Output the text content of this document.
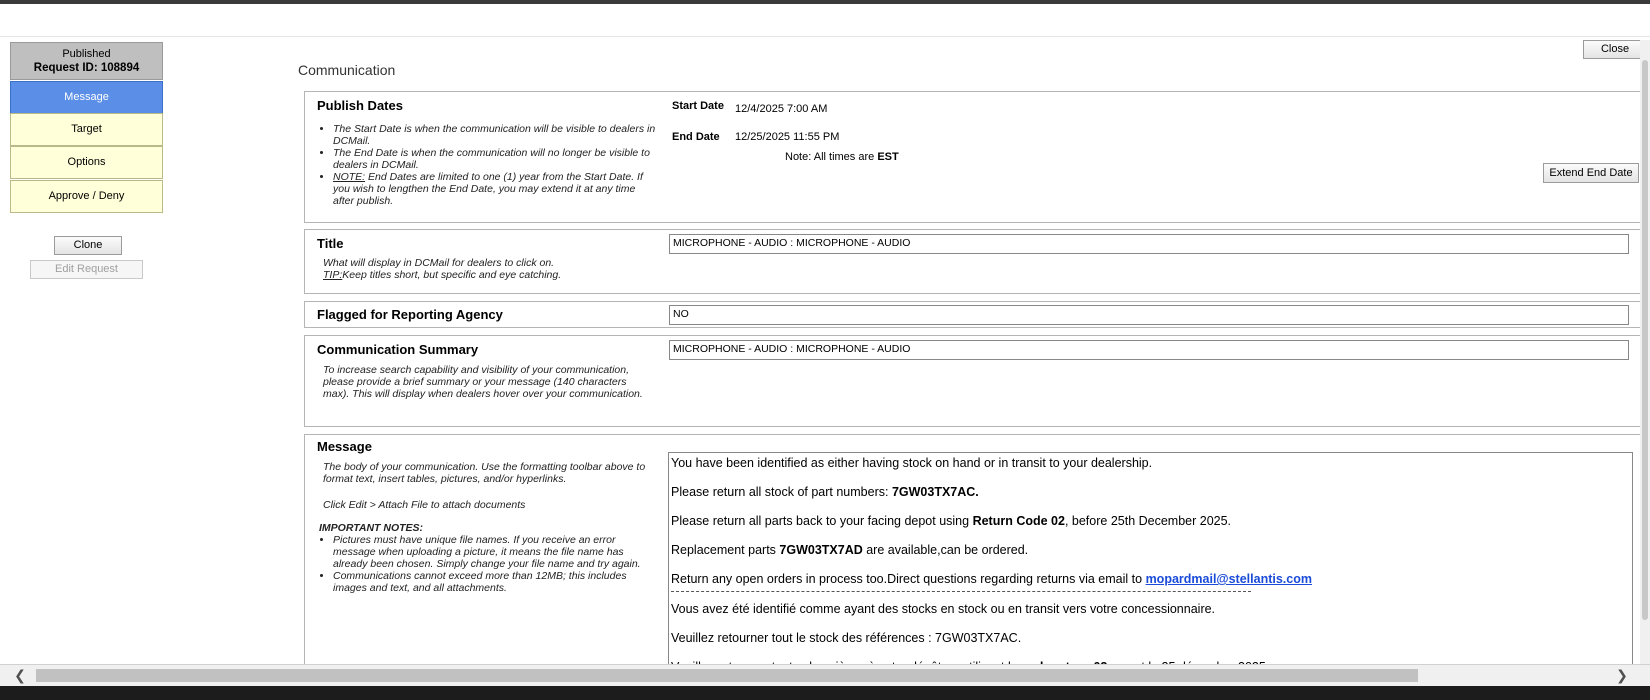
Published
Request ID: 108894
Message
Target
Options
Approve / Deny
Clone
Edit Request
Close
Communication
Publish Dates
• The Start Date is when the communication will be visible to dealers in DCMail.
• The End Date is when the communication will no longer be visible to dealers in DCMail.
• NOTE: End Dates are limited to one (1) year from the Start Date. If you wish to lengthen the End Date, you may extend it at any time after publish.
Start Date 12/4/2025 7:00 AM
End Date 12/25/2025 11:55 PM
Note: All times are EST
Extend End Date
Title
What will display in DCMail for dealers to click on.
TIP:Keep titles short, but specific and eye catching.
MICROPHONE - AUDIO : MICROPHONE - AUDIO
Flagged for Reporting Agency	NO
Communication Summary
To increase search capability and visibility of your communication, please provide a brief summary or your message (140 characters max). This will display when dealers hover over your communication.
MICROPHONE - AUDIO : MICROPHONE - AUDIO
Message
The body of your communication. Use the formatting toolbar above to format text, insert tables, pictures, and/or hyperlinks.
Click Edit > Attach File to attach documents
IMPORTANT NOTES:
• Pictures must have unique file names. If you receive an error message when uploading a picture, it means the file name has already been chosen. Simply change your file name and try again.
• Communications cannot exceed more than 12MB; this includes images and text, and all attachments.

You have been identified as either having stock on hand or in transit to your dealership.

Please return all stock of part numbers: 7GW03TX7AC.

Please return all parts back to your facing depot using Return Code 02, before 25th December 2025.

Replacement parts 7GW03TX7AD are available,can be ordered.

Return any open orders in process too.Direct questions regarding returns via email to mopardmail@stellantis.com

Vous avez été identifié comme ayant des stocks en stock ou en transit vers votre concessionnaire.

Veuillez retourner tout le stock des références : 7GW03TX7AC.

❮	❯
